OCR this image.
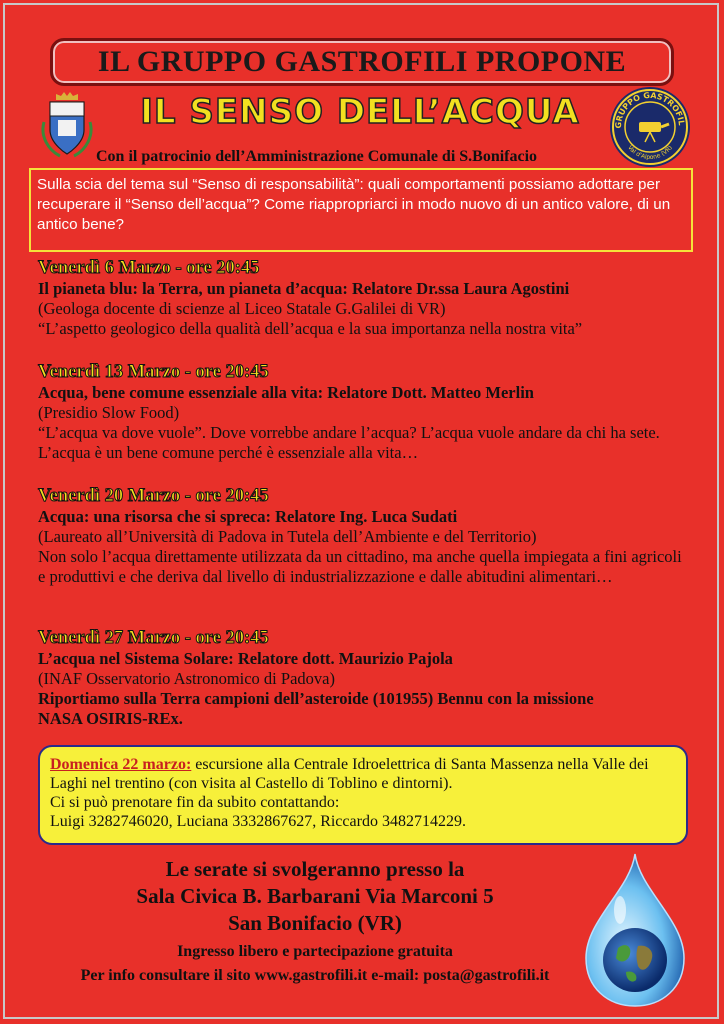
IL GRUPPO GASTROFILI PROPONE
IL SENSO DELL’ACQUA	GRUPPO GASTROFIL
Val d'Alpone (VR)
Con il patrocinio dell’Amministrazione Comunale di S.Bonifacio
Sulla scia del tema sul “Senso di responsabilità”: quali comportamenti possiamo adottare per recuperare il “Senso dell’acqua”? Come riappropriarci in modo nuovo di un antico valore, di un antico bene?
Venerdì 6 Marzo - ore 20:45
Il pianeta blu: la Terra, un pianeta d’acqua: Relatore Dr.ssa Laura Agostini
(Geologa docente di scienze al Liceo Statale G.Galilei di VR)
“L’aspetto geologico della qualità dell’acqua e la sua importanza nella nostra vita”
Venerdì 13 Marzo - ore 20:45
Acqua, bene comune essenziale alla vita: Relatore Dott. Matteo Merlin
(Presidio Slow Food)
“L’acqua va dove vuole”. Dove vorrebbe andare l’acqua? L’acqua vuole andare da chi ha sete. L’acqua è un bene comune perché è essenziale alla vita…
Venerdì 20 Marzo - ore 20:45
Acqua: una risorsa che si spreca: Relatore Ing. Luca Sudati
(Laureato all’Università di Padova in Tutela dell’Ambiente e del Territorio)
Non solo l’acqua direttamente utilizzata da un cittadino, ma anche quella impiegata a fini agricoli e produttivi e che deriva dal livello di industrializzazione e dalle abitudini alimentari…
Venerdì 27 Marzo - ore 20:45
L’acqua nel Sistema Solare: Relatore dott. Maurizio Pajola
(INAF Osservatorio Astronomico di Padova)
Riportiamo sulla Terra campioni dell’asteroide (101955) Bennu con la missione NASA OSIRIS-REx.
Domenica 22 marzo: escursione alla Centrale Idroelettrica di Santa Massenza nella Valle dei Laghi nel trentino (con visita al Castello di Toblino e dintorni).
Ci si può prenotare fin da subito contattando:
Luigi 3282746020, Luciana 3332867627, Riccardo 3482714229.
Le serate si svolgeranno presso la
Sala Civica B. Barbarani Via Marconi 5
San Bonifacio (VR)
Ingresso libero e partecipazione gratuita
Per info consultare il sito www.gastrofili.it e-mail: posta@gastrofili.it
